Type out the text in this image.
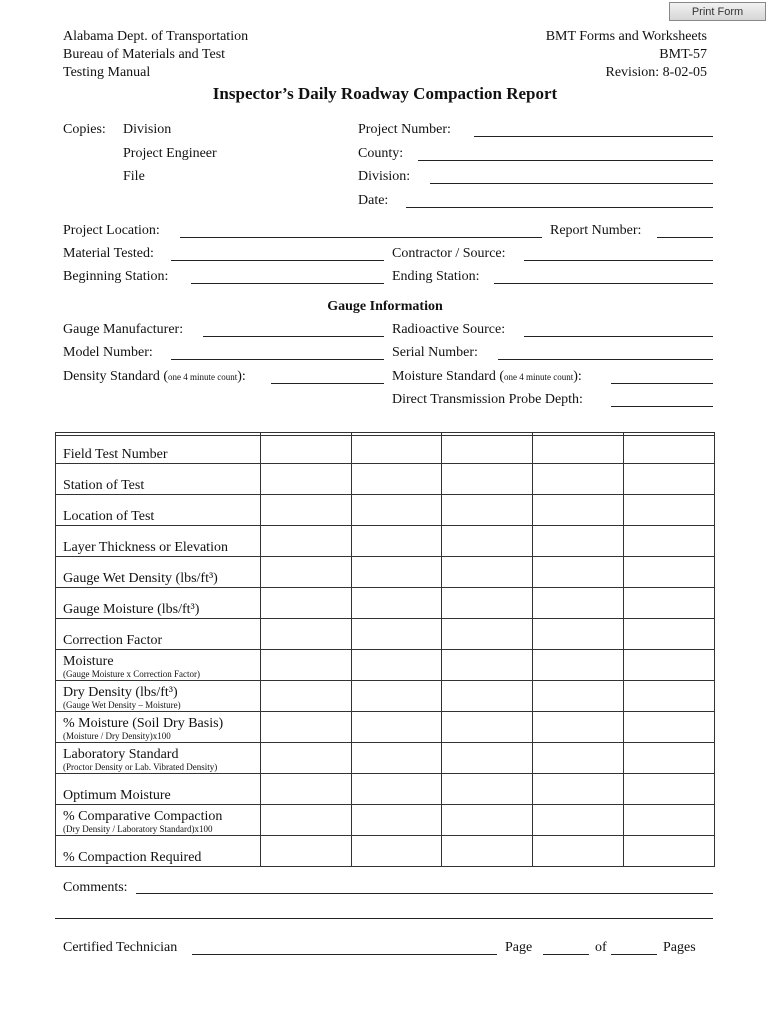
Print Form
Alabama Dept. of Transportation
Bureau of Materials and Test
Testing Manual
BMT Forms and Worksheets
BMT-57
Revision: 8-02-05
Inspector’s Daily Roadway Compaction Report
Copies: Division
Project Engineer
File
Project Number:
County:
Division:
Date:
Project Location:	Report Number:
Material Tested:	Contractor / Source:
Beginning Station:	Ending Station:
Gauge Information
Gauge Manufacturer:	Radioactive Source:
Model Number:	Serial Number:
Density Standard (one 4 minute count):	Moisture Standard (one 4 minute count):
Direct Transmission Probe Depth:

Field Test Number					
Station of Test					
Location of Test					
Layer Thickness or Elevation					
Gauge Wet Density (lbs/ft³)					
Gauge Moisture (lbs/ft³)					
Correction Factor					
Moisture
(Gauge Moisture x Correction Factor)					

Dry Density (lbs/ft³)
(Gauge Wet Density – Moisture)					

% Moisture (Soil Dry Basis)
(Moisture / Dry Density)x100					

Laboratory Standard
(Proctor Density or Lab. Vibrated Density)					

Optimum Moisture					
% Comparative Compaction
(Dry Density / Laboratory Standard)x100					

% Compaction Required					
Comments:
Certified Technician	Page	of	Pages
